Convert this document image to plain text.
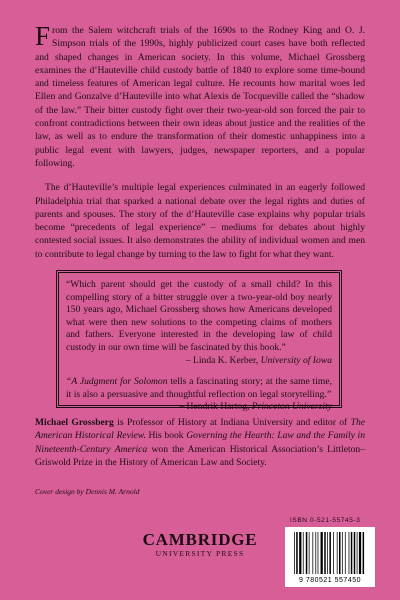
From the Salem witchcraft trials of the 1690s to the Rodney King and O. J. Simpson trials of the 1990s, highly publicized court cases have both reflected and shaped changes in American society. In this volume, Michael Grossberg examines the d’Hauteville child custody battle of 1840 to explore some time-bound and timeless features of American legal culture. He recounts how marital woes led Ellen and Gonzalve d’Hauteville into what Alexis de Tocqueville called the “shadow of the law.” Their bitter custody fight over their two-year-old son forced the pair to confront contradictions between their own ideas about justice and the realities of the law, as well as to endure the transformation of their domestic unhappiness into a public legal event with lawyers, judges, newspaper reporters, and a popular following.

The d’Hauteville’s multiple legal experiences culminated in an eagerly followed Philadelphia trial that sparked a national debate over the legal rights and duties of parents and spouses. The story of the d’Hauteville case explains why popular trials become “precedents of legal experience” – mediums for debates about highly contested social issues. It also demonstrates the ability of individual women and men to contribute to legal change by turning to the law to fight for what they want.

“Which parent should get the custody of a small child? In this compelling story of a bitter struggle over a two-year-old boy nearly 150 years ago, Michael Grossberg shows how Americans developed what were then new solutions to the competing claims of mothers and fathers. Everyone interested in the developing law of child custody in our own time will be fascinated by this book.”
– Linda K. Kerber, University of Iowa

“A Judgment for Solomon tells a fascinating story; at the same time, it is also a persuasive and thoughtful reflection on legal storytelling.”
– Hendrik Hartog, Princeton University

Michael Grossberg is Professor of History at Indiana University and editor of The American Historical Review. His book Governing the Hearth: Law and the Family in Nineteenth-Century America won the American Historical Association’s Littleton–Griswold Prize in the History of American Law and Society.

Cover design by Dennis M. Arnold
ISBN 0-521-55745-3
CAMBRIDGE
UNIVERSITY PRESS
9 780521 557450
